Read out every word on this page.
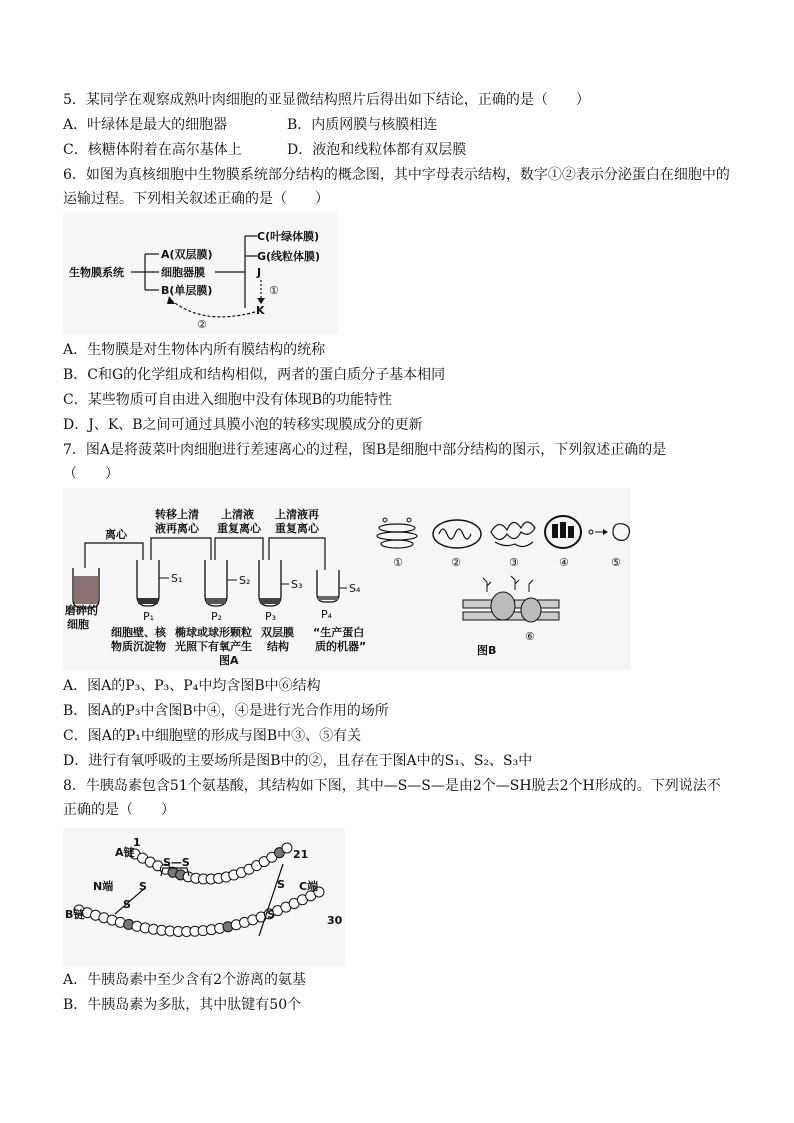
5．某同学在观察成熟叶肉细胞的亚显微结构照片后得出如下结论，正确的是（　　）
A．叶绿体是最大的细胞器	B．内质网膜与核膜相连
C．核糖体附着在高尔基体上	D．液泡和线粒体都有双层膜
6．如图为真核细胞中生物膜系统部分结构的概念图，其中字母表示结构，数字①②表示分泌蛋白在细胞中的
运输过程。下列相关叙述正确的是（　　）
生物膜系统
A(双层膜)
细胞器膜
B(单层膜)
C(叶绿体膜)
G(线粒体膜)
J
①
K
②
A．生物膜是对生物体内所有膜结构的统称
B．C和G的化学组成和结构相似，两者的蛋白质分子基本相同
C．某些物质可自由进入细胞中没有体现B的功能特性
D．J、K、B之间可通过具膜小泡的转移实现膜成分的更新
7．图A是将菠菜叶肉细胞进行差速离心的过程，图B是细胞中部分结构的图示，下列叙述正确的是
（　　）
离心
转移上清
液再离心
上清液
重复离心
上清液再
重复离心
S₁	S₂	S₃	S₄
P₁	P₂	P₃	P₄
磨碎的
细胞
细胞壁、核
物质沉淀物
椭球或球形颗粒
光照下有氧产生
双层膜
结构
“生产蛋白
质的机器”
图A
①	②	③	④	⑤
⑥
图B
A．图A的P₃、P₃、P₄中均含图B中⑥结构
B．图A的P₃中含图B中④，④是进行光合作用的场所
C．图A的P₁中细胞壁的形成与图B中③、⑤有关
D．进行有氧呼吸的主要场所是图B中的②，且存在于图A中的S₁、S₂、S₃中
8．牛胰岛素包含51个氨基酸，其结构如下图，其中—S—S—是由2个—SH脱去2个H形成的。下列说法不
正确的是（　　）
S—S
S
S
S
S
A链
1
21
N端	C端
B链	30
A．牛胰岛素中至少含有2个游离的氨基
B．牛胰岛素为多肽，其中肽键有50个
